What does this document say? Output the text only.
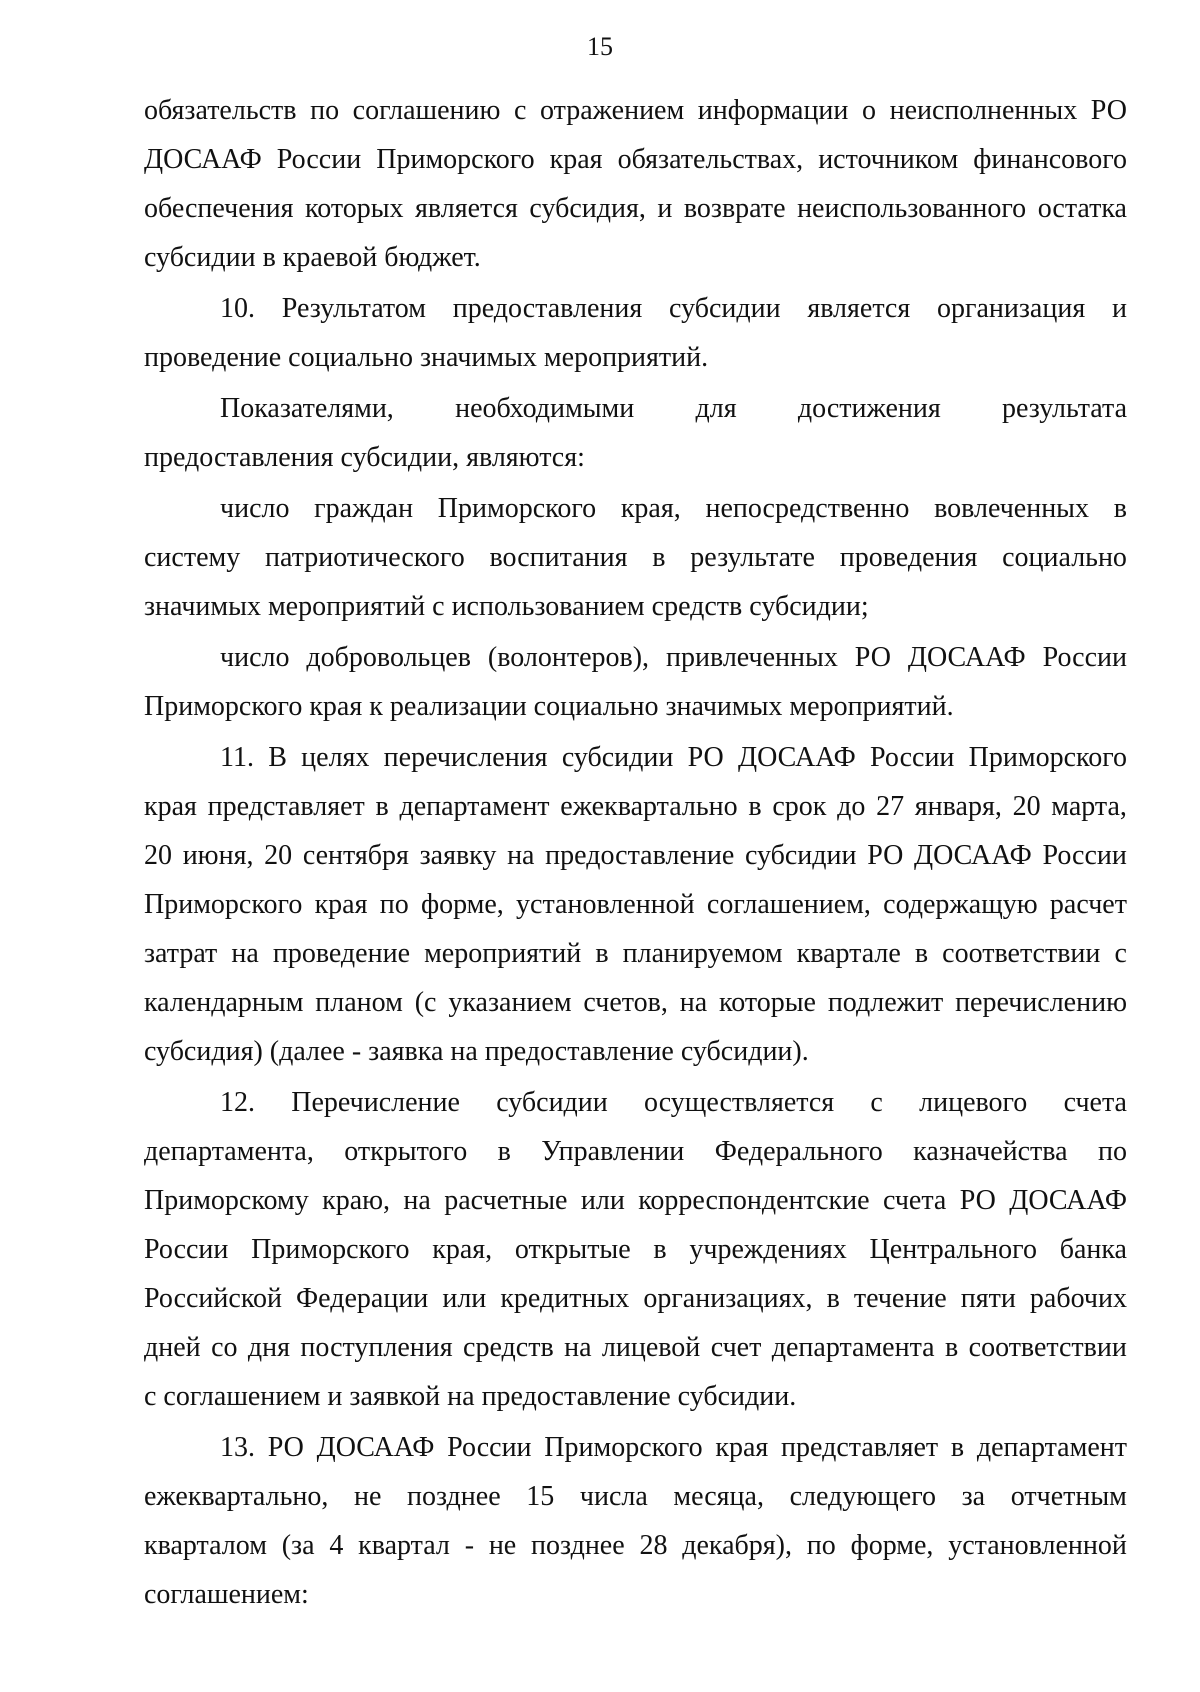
15
обязательств по соглашению с отражением информации о неисполненных РО
ДОСААФ России Приморского края обязательствах, источником финансового
обеспечения которых является субсидия, и возврате неиспользованного остатка
субсидии в краевой бюджет.
10. Результатом предоставления субсидии является организация и
проведение социально значимых мероприятий.
Показателями, необходимыми для достижения результата
предоставления субсидии, являются:
число граждан Приморского края, непосредственно вовлеченных в
систему патриотического воспитания в результате проведения социально
значимых мероприятий с использованием средств субсидии;
число добровольцев (волонтеров), привлеченных РО ДОСААФ России
Приморского края к реализации социально значимых мероприятий.
11. В целях перечисления субсидии РО ДОСААФ России Приморского
края представляет в департамент ежеквартально в срок до 27 января, 20 марта,
20 июня, 20 сентября заявку на предоставление субсидии РО ДОСААФ России
Приморского края по форме, установленной соглашением, содержащую расчет
затрат на проведение мероприятий в планируемом квартале в соответствии с
календарным планом (с указанием счетов, на которые подлежит перечислению
субсидия) (далее - заявка на предоставление субсидии).
12. Перечисление субсидии осуществляется с лицевого счета
департамента, открытого в Управлении Федерального казначейства по
Приморскому краю, на расчетные или корреспондентские счета РО ДОСААФ
России Приморского края, открытые в учреждениях Центрального банка
Российской Федерации или кредитных организациях, в течение пяти рабочих
дней со дня поступления средств на лицевой счет департамента в соответствии
с соглашением и заявкой на предоставление субсидии.
13. РО ДОСААФ России Приморского края представляет в департамент
ежеквартально, не позднее 15 числа месяца, следующего за отчетным
кварталом (за 4 квартал - не позднее 28 декабря), по форме, установленной
соглашением:
